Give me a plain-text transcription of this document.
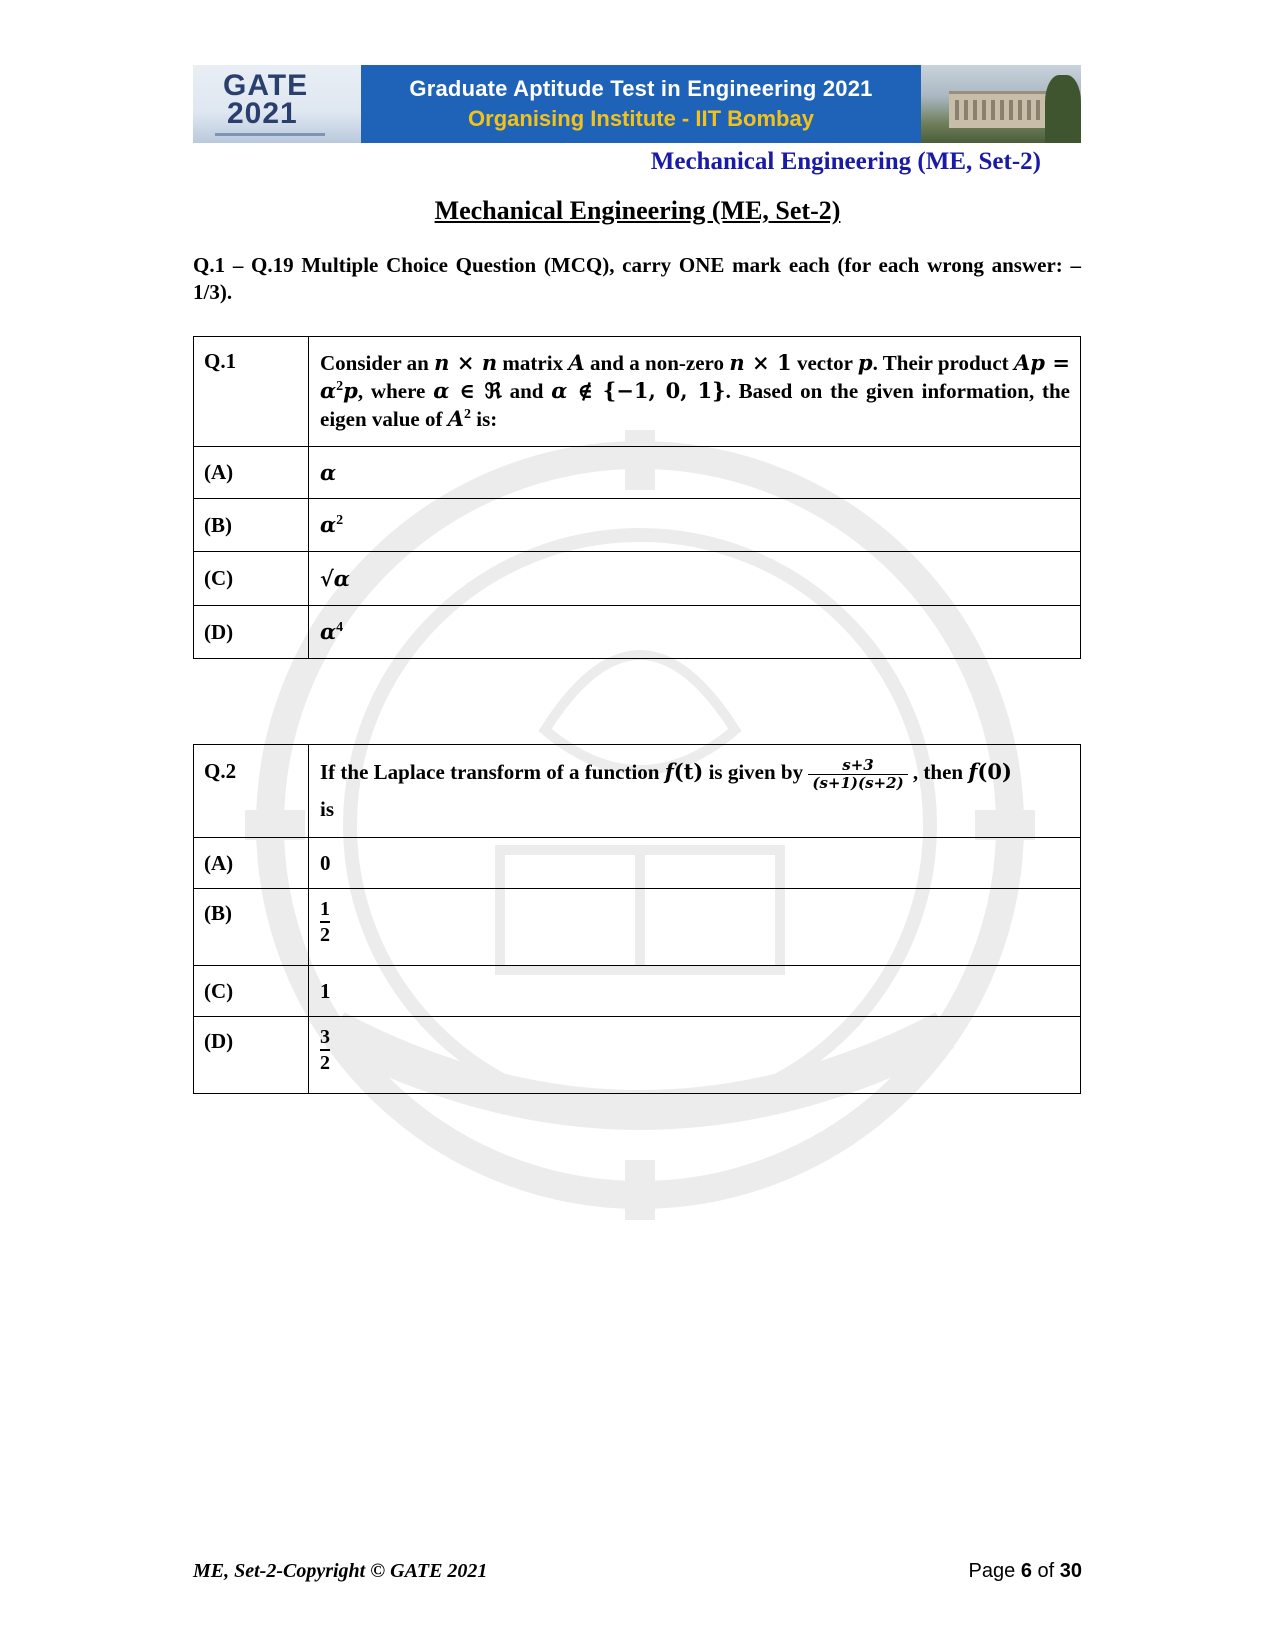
GATE
2021
Graduate Aptitude Test in Engineering 2021
Organising Institute - IIT Bombay
Mechanical Engineering (ME, Set-2)
Mechanical Engineering (ME, Set-2)
Q.1 – Q.19 Multiple Choice Question (MCQ), carry ONE mark each (for each wrong answer: – 1/3).
Q.1	Consider an n × n matrix A and a non-zero n × 1 vector p. Their product $Ap = \alpha^2p$, where α ∈ ℜ and α ∉ {−1, 0, 1}. Based on the given information, the eigen value of $A^2$ is:
(A)	α
(B)	$\alpha^2$
(C)	√α
(D)	$\alpha^4$
Q.2	If the Laplace transform of a function f(t) is given by $\frac{s+3}{(s+1)(s+2)}$ , then f(0)
is
(A)	0
(B)	$\frac{1}{2}$

(C)	1
(D)	$\frac{3}{2}$
ME, Set-2-Copyright © GATE 2021	Page 6 of 30
